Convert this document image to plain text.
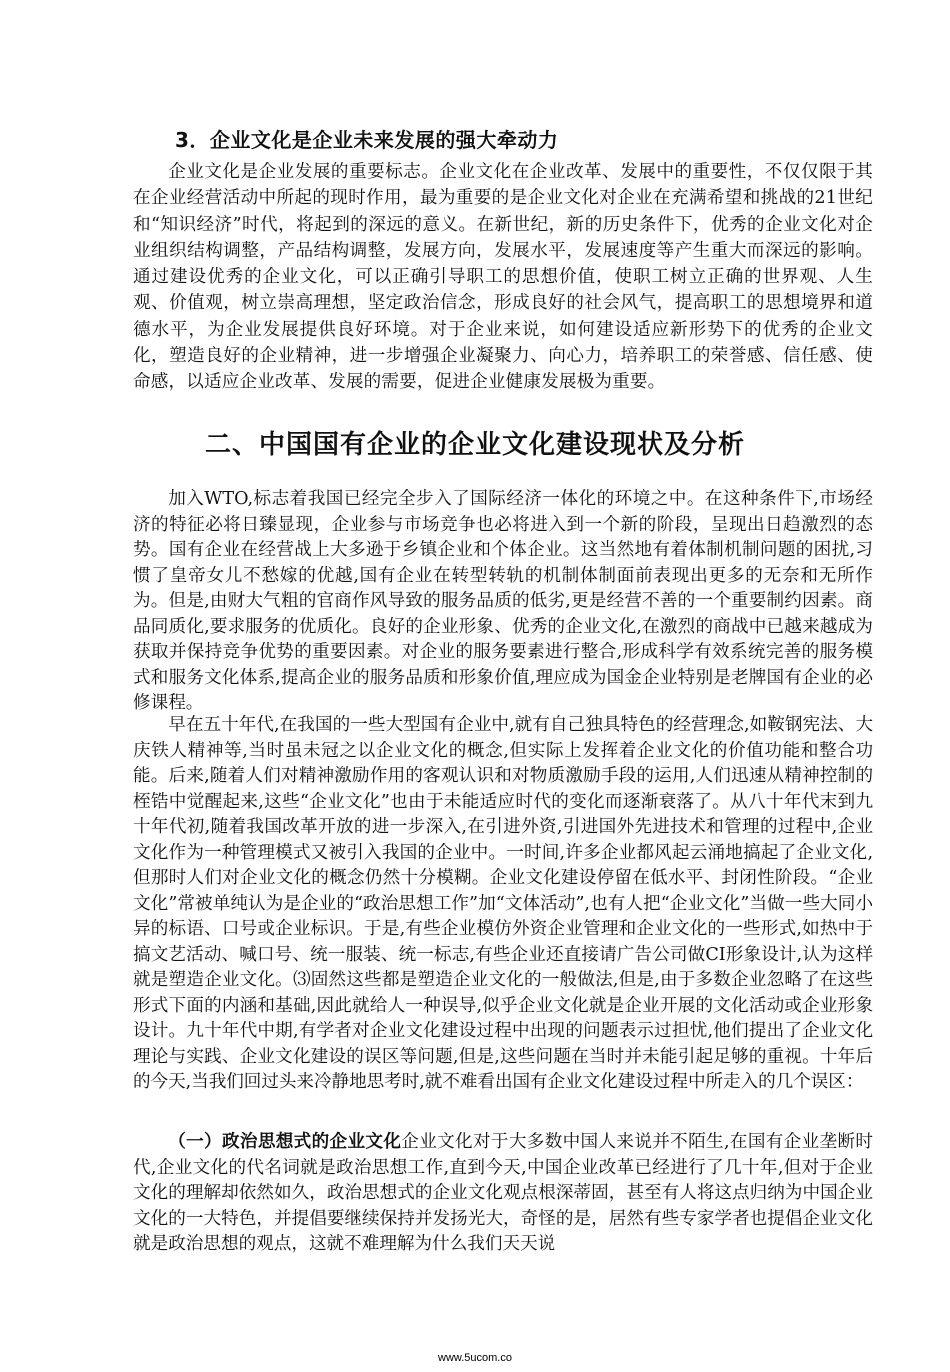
3．企业文化是企业未来发展的强大牵动力

企业文化是企业发展的重要标志。企业文化在企业改革、发展中的重要性，不仅仅限于其在企业经营活动中所起的现时作用，最为重要的是企业文化对企业在充满希望和挑战的21世纪和“知识经济”时代，将起到的深远的意义。在新世纪，新的历史条件下，优秀的企业文化对企业组织结构调整，产品结构调整，发展方向，发展水平，发展速度等产生重大而深远的影响。通过建设优秀的企业文化，可以正确引导职工的思想价值，使职工树立正确的世界观、人生观、价值观，树立崇高理想，坚定政治信念，形成良好的社会风气，提高职工的思想境界和道德水平，为企业发展提供良好环境。对于企业来说，如何建设适应新形势下的优秀的企业文化，塑造良好的企业精神，进一步增强企业凝聚力、向心力，培养职工的荣誉感、信任感、使命感，以适应企业改革、发展的需要，促进企业健康发展极为重要。

二、中国国有企业的企业文化建设现状及分析

加入WTO,标志着我国已经完全步入了国际经济一体化的环境之中。在这种条件下,市场经济的特征必将日臻显现，企业参与市场竞争也必将进入到一个新的阶段，呈现出日趋激烈的态势。国有企业在经营战上大多逊于乡镇企业和个体企业。这当然地有着体制机制问题的困扰,习惯了皇帝女儿不愁嫁的优越,国有企业在转型转轨的机制体制面前表现出更多的无奈和无所作为。但是,由财大气粗的官商作风导致的服务品质的低劣,更是经营不善的一个重要制约因素。商品同质化,要求服务的优质化。良好的企业形象、优秀的企业文化,在激烈的商战中已越来越成为获取并保持竞争优势的重要因素。对企业的服务要素进行整合,形成科学有效系统完善的服务模式和服务文化体系,提高企业的服务品质和形象价值,理应成为国金企业特别是老牌国有企业的必修课程。

早在五十年代,在我国的一些大型国有企业中,就有自己独具特色的经营理念,如鞍钢宪法、大庆铁人精神等,当时虽未冠之以企业文化的概念,但实际上发挥着企业文化的价值功能和整合功能。后来,随着人们对精神激励作用的客观认识和对物质激励手段的运用,人们迅速从精神控制的桎锆中觉醒起来,这些“企业文化”也由于未能适应时代的变化而逐渐衰落了。从八十年代末到九十年代初,随着我国改革开放的进一步深入,在引进外资,引进国外先进技术和管理的过程中,企业文化作为一种管理模式又被引入我国的企业中。一时间,许多企业都风起云涌地搞起了企业文化,但那时人们对企业文化的概念仍然十分模糊。企业文化建设停留在低水平、封闭性阶段。“企业文化”常被单纯认为是企业的“政治思想工作”加“文体活动”,也有人把“企业文化”当做一些大同小异的标语、口号或企业标识。于是,有些企业模仿外资企业管理和企业文化的一些形式,如热中于搞文艺活动、喊口号、统一服装、统一标志,有些企业还直接请广告公司做CI形象设计,认为这样就是塑造企业文化。⑶固然这些都是塑造企业文化的一般做法,但是,由于多数企业忽略了在这些形式下面的内涵和基础,因此就给人一种误导,似乎企业文化就是企业开展的文化活动或企业形象设计。九十年代中期,有学者对企业文化建设过程中出现的问题表示过担忧,他们提出了企业文化理论与实践、企业文化建设的误区等问题,但是,这些问题在当时并未能引起足够的重视。十年后的今天,当我们回过头来冷静地思考时,就不难看出国有企业文化建设过程中所走入的几个误区：

（一）政治思想式的企业文化企业文化对于大多数中国人来说并不陌生,在国有企业垄断时代,企业文化的代名词就是政治思想工作,直到今天,中国企业改革已经进行了几十年,但对于企业文化的理解却依然如久，政治思想式的企业文化观点根深蒂固，甚至有人将这点归纳为中国企业文化的一大特色，并提倡要继续保持并发扬光大，奇怪的是，居然有些专家学者也提倡企业文化就是政治思想的观点，这就不难理解为什么我们天天说

www.5ucom.co
